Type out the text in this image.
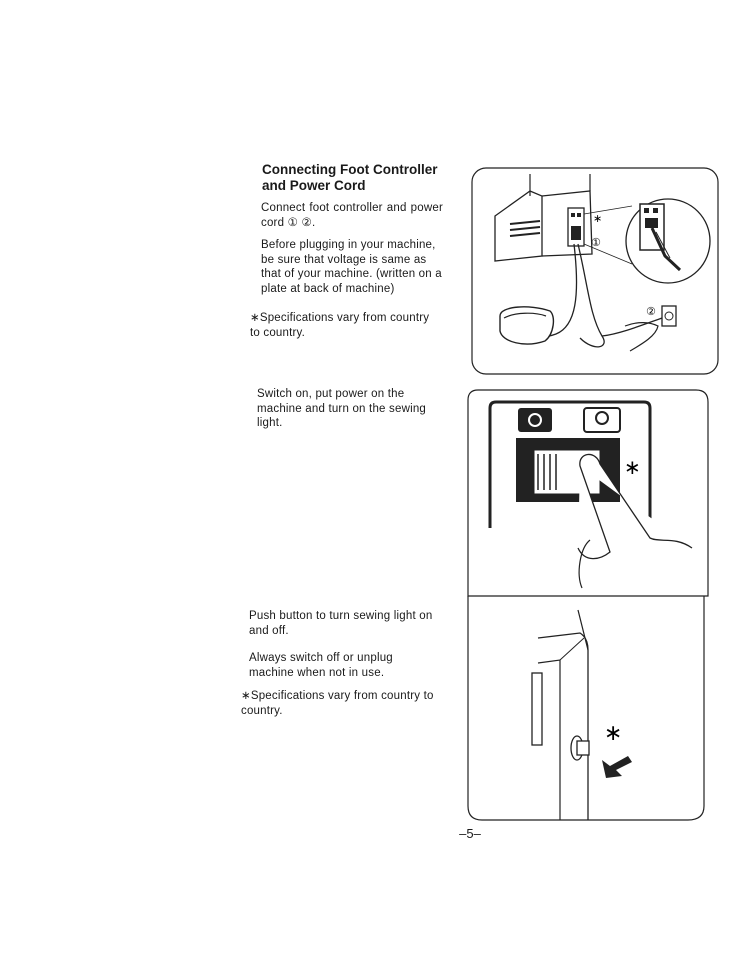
Connecting Foot Controller and Power Cord
Connect foot controller and power cord ① ②.
Before plugging in your machine, be sure that voltage is same as that of your machine. (written on a plate at back of machine)
∗Specifications vary from country to country.
Switch on, put power on the machine and turn on the sewing light.
Push button to turn sewing light on and off.
Always switch off or unplug machine when not in use.
∗Specifications vary from country to country.
∗
①
②
∗
∗
–5–
